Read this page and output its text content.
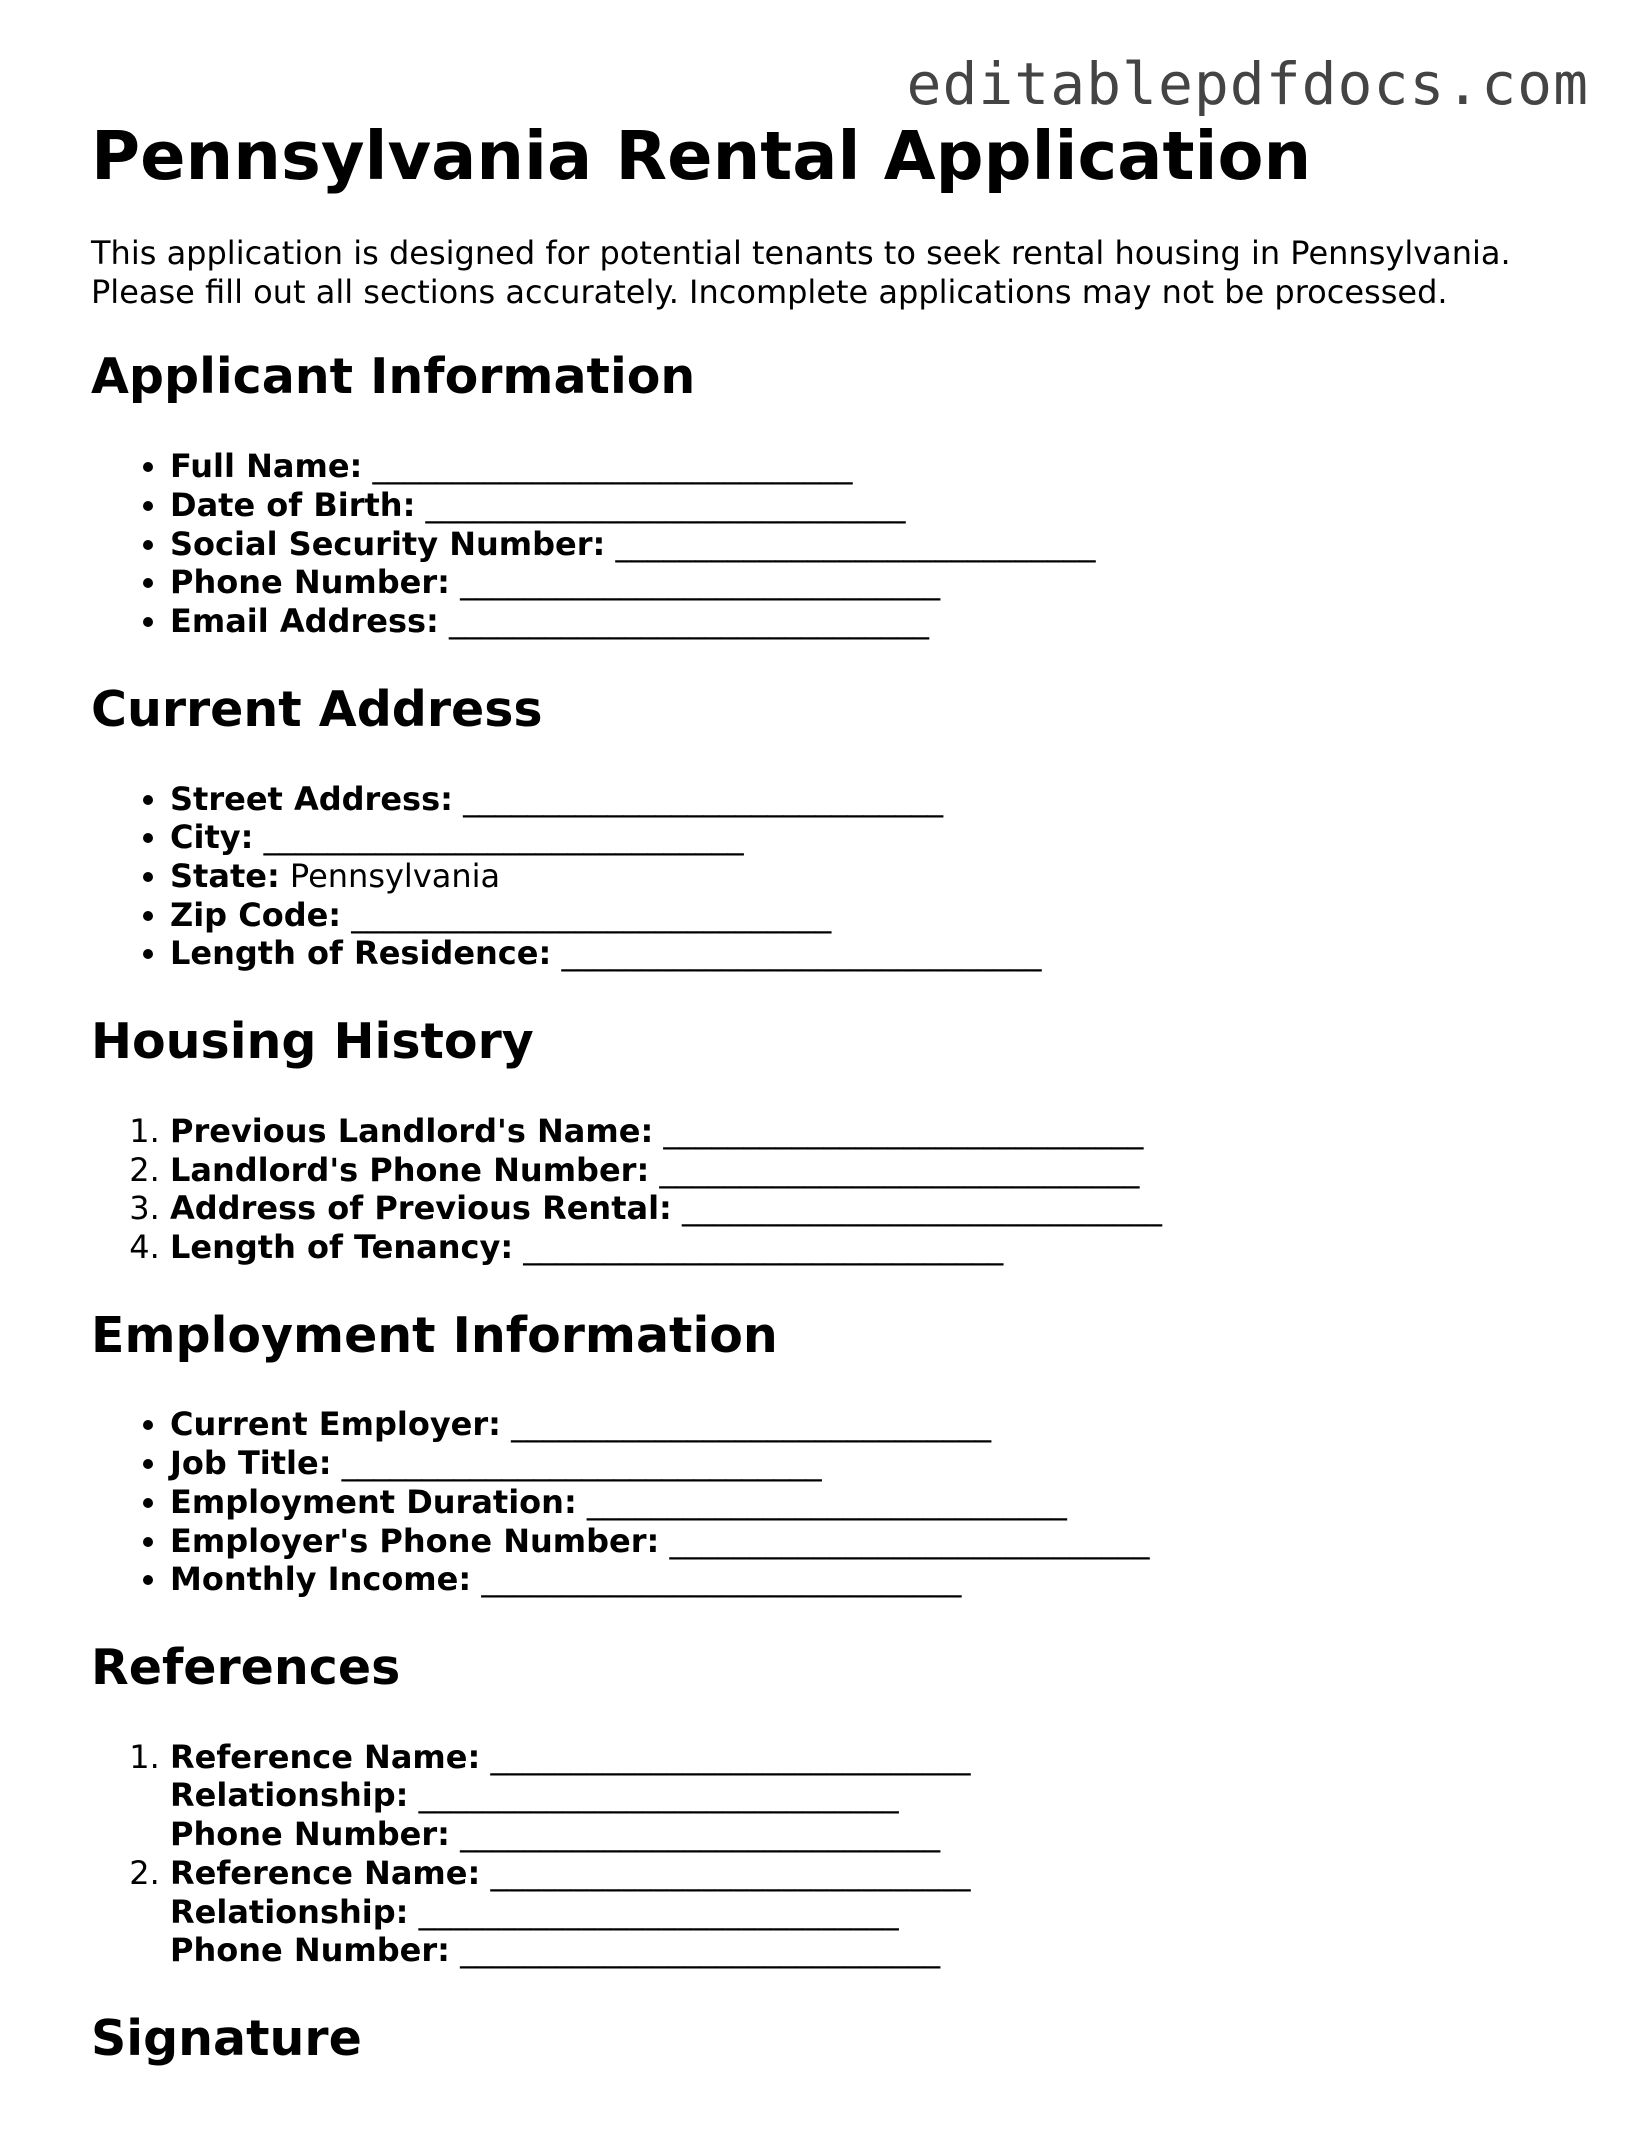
editablepdfdocs.com
Pennsylvania Rental Application

This application is designed for potential tenants to seek rental housing in Pennsylvania.
Please fill out all sections accurately. Incomplete applications may not be processed.

Applicant Information
• Full Name: ______________________________
• Date of Birth: ______________________________
• Social Security Number: ______________________________
• Phone Number: ______________________________
• Email Address: ______________________________
Current Address
• Street Address: ______________________________
• City: ______________________________
• State: Pennsylvania
• Zip Code: ______________________________
• Length of Residence: ______________________________
Housing History
1. Previous Landlord's Name: ______________________________
2. Landlord's Phone Number: ______________________________
3. Address of Previous Rental: ______________________________
4. Length of Tenancy: ______________________________
Employment Information
• Current Employer: ______________________________
• Job Title: ______________________________
• Employment Duration: ______________________________
• Employer's Phone Number: ______________________________
• Monthly Income: ______________________________
References
1. Reference Name: ______________________________
Relationship: ______________________________
Phone Number: ______________________________
2. Reference Name: ______________________________
Relationship: ______________________________
Phone Number: ______________________________
Signature
